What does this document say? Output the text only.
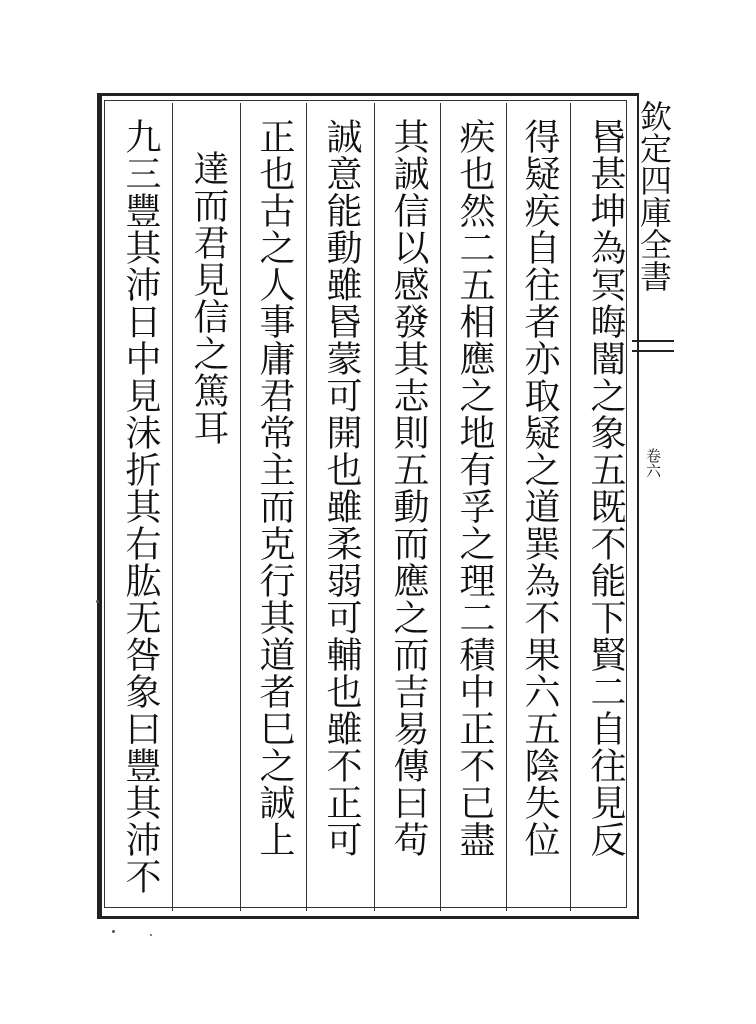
昬甚坤為冥晦闇之象五既不能下賢二自往見反
得疑疾自往者亦取疑之道巽為不果六五陰失位
疾也然二五相應之地有孚之理二積中正不已盡
其誠信以感發其志則五動而應之而吉易傳曰苟
誠意能動雖昬蒙可開也雖柔弱可輔也雖不正可
正也古之人事庸君常主而克行其道者巳之誠上
達而君見信之篤耳
九三豐其沛日中見沬折其右肱无咎象曰豐其沛不	欽定四庫全書
卷六
